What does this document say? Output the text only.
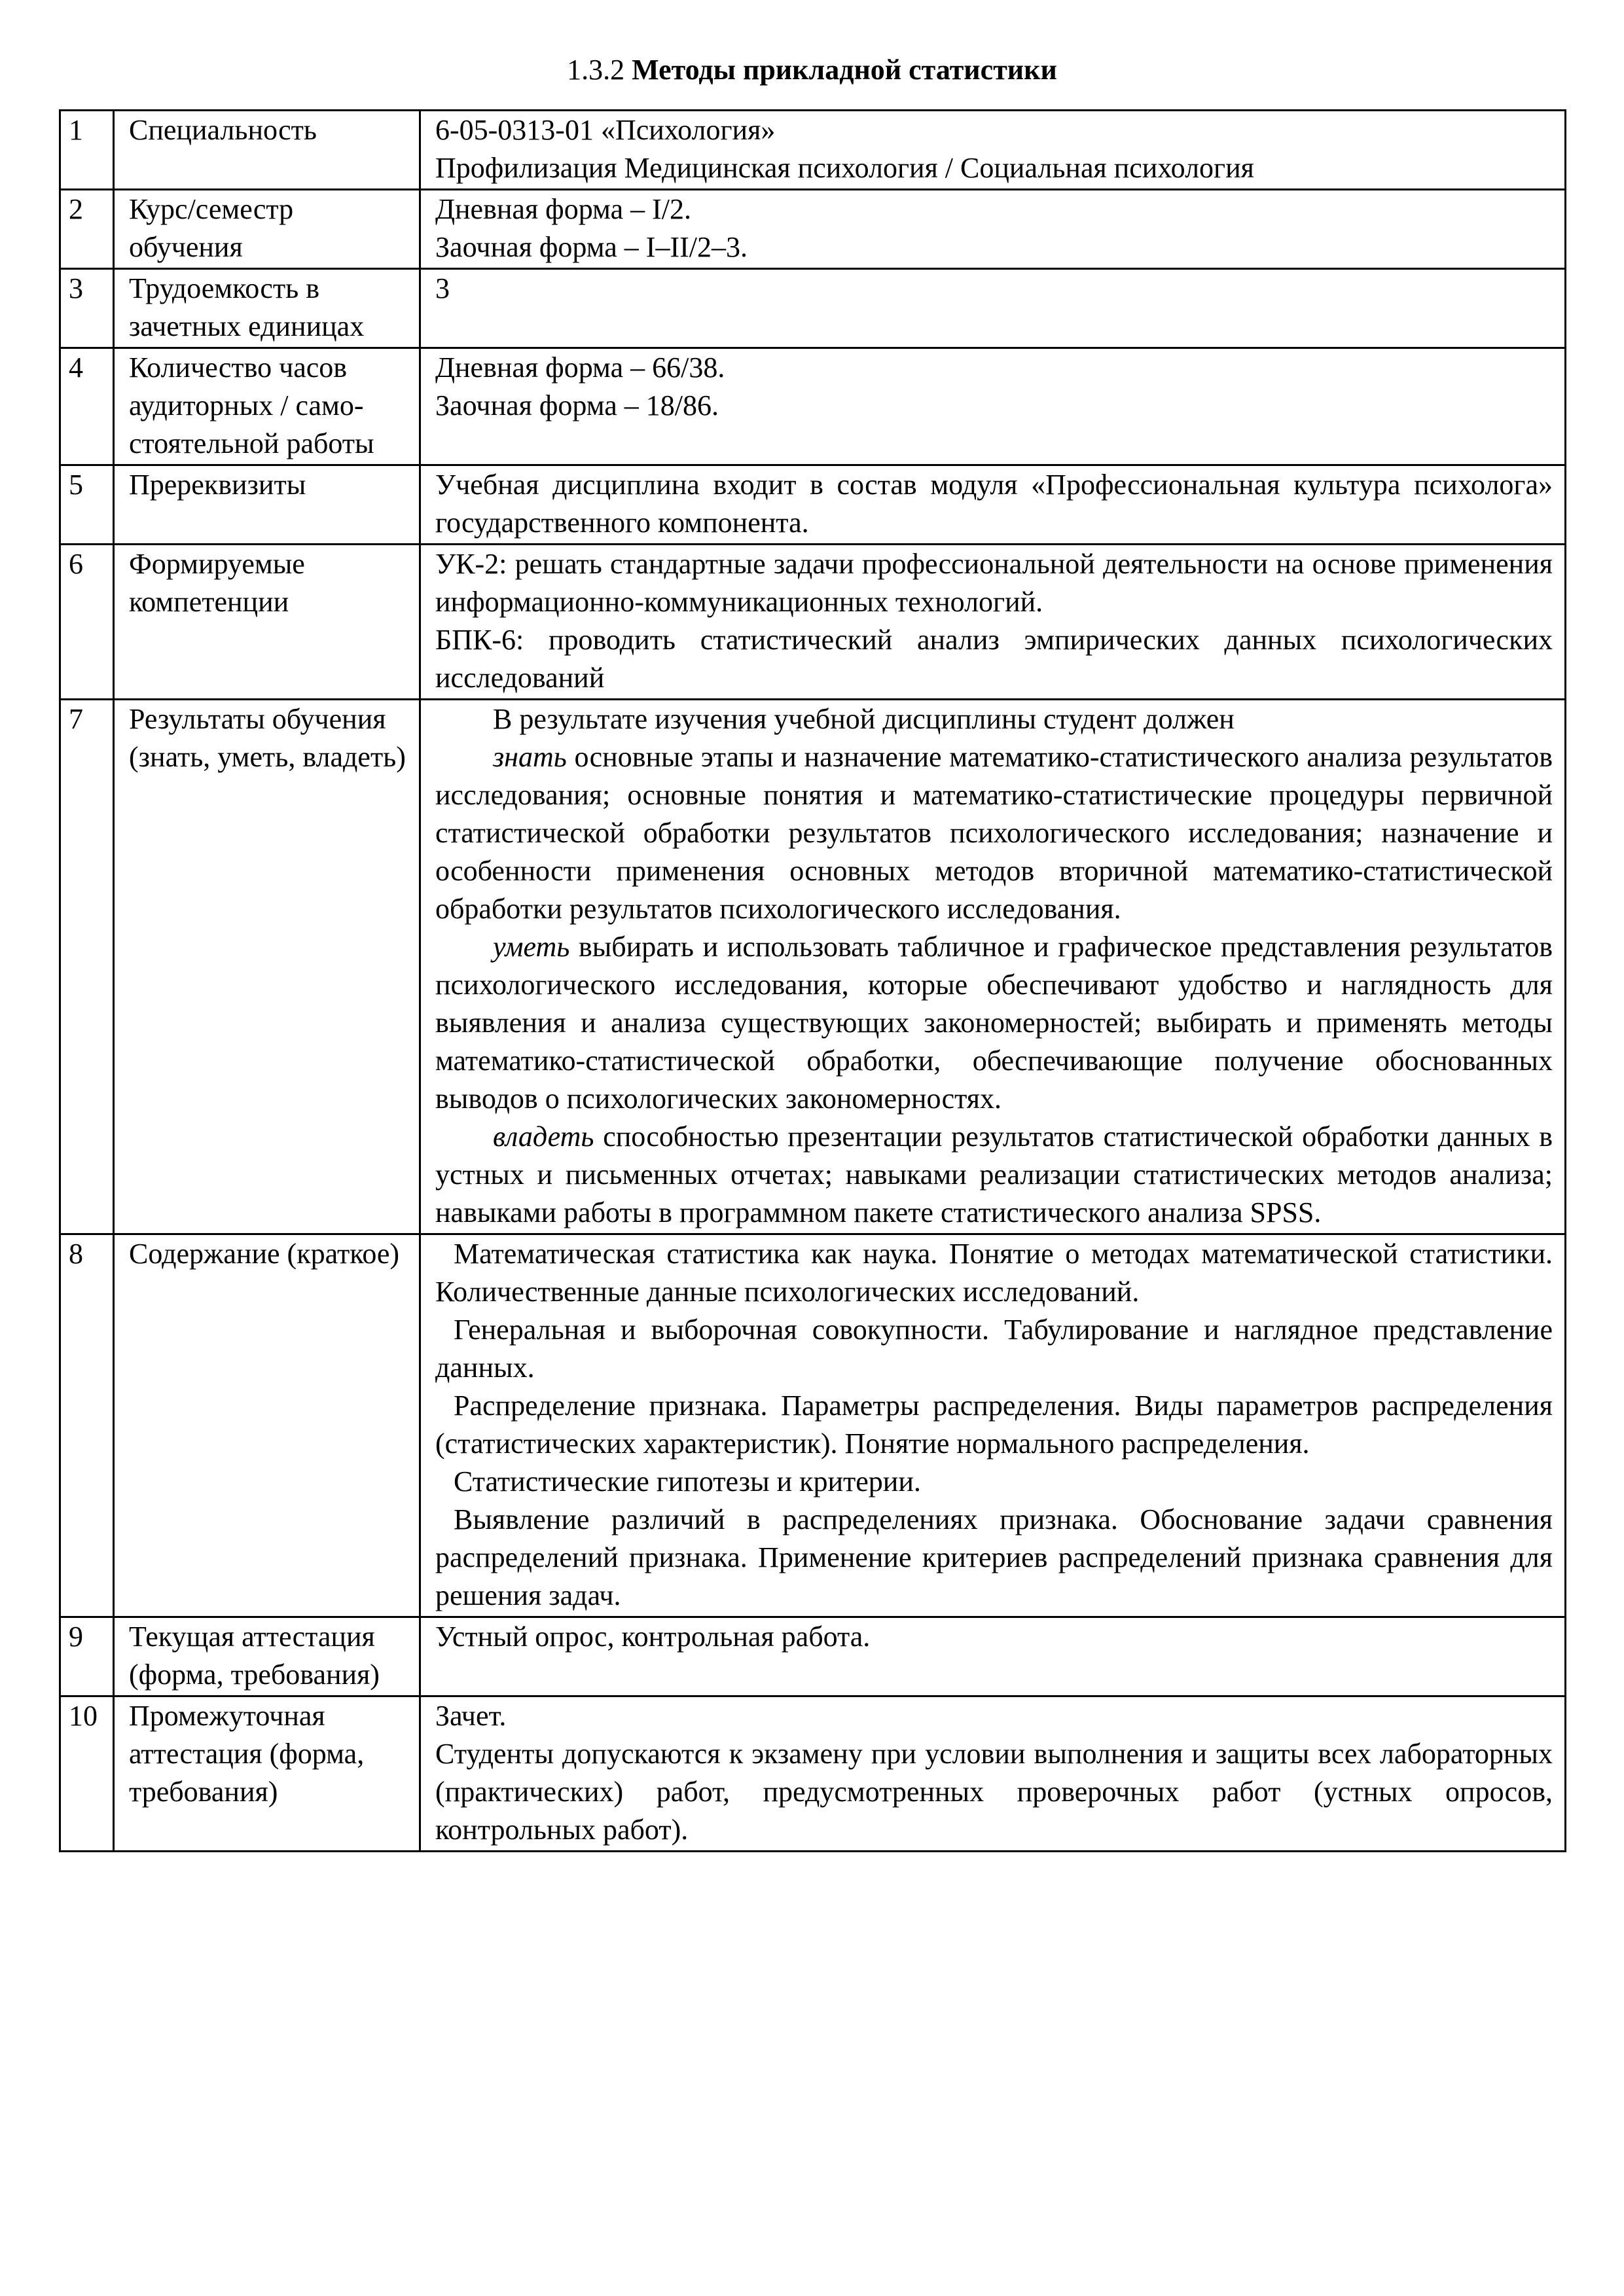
1.3.2 Методы прикладной статистики
1	Специальность	6-05-0313-01 «Психология»
Профилизация Медицинская психология / Социальная психология

2	Курс/семестр обучения	Дневная форма – I/2.
Заочная форма – I–II/2–3.

3	Трудоемкость в зачетных единицах	3

4	Количество часов аудиторных / само-стоятельной работы	Дневная форма – 66/38.
Заочная форма – 18/86.

5	Пререквизиты	Учебная дисциплина входит в состав модуля «Профессиональная культура психолога» государственного компонента.

6	Формируемые компетенции	УК-2: решать стандартные задачи профессиональной деятельности на основе применения информационно-коммуникационных технологий.
БПК-6: проводить статистический анализ эмпирических данных психологических исследований

7	Результаты обучения (знать, уметь, владеть)	В результате изучения учебной дисциплины студент должен
знать основные этапы и назначение математико-статистического анализа результатов исследования; основные понятия и математико-статистические процедуры первичной статистической обработки результатов психологического исследования; назначение и особенности применения основных методов вторичной математико-статистической обработки результатов психологического исследования.
уметь выбирать и использовать табличное и графическое представления результатов психологического исследования, которые обеспечивают удобство и наглядность для выявления и анализа существующих закономерностей; выбирать и применять методы математико-статистической обработки, обеспечивающие получение обоснованных выводов о психологических закономерностях.
владеть способностью презентации результатов статистической обработки данных в устных и письменных отчетах; навыками реализации статистических методов анализа; навыками работы в программном пакете статистического анализа SPSS.

8	Содержание (краткое)	Математическая статистика как наука. Понятие о методах математической статистики. Количественные данные психологических исследований.
Генеральная и выборочная совокупности. Табулирование и наглядное представление данных.
Распределение признака. Параметры распределения. Виды параметров распределения (статистических характеристик). Понятие нормального распределения.
Статистические гипотезы и критерии.
Выявление различий в распределениях признака. Обоснование задачи сравнения распределений признака. Применение критериев распределений признака сравнения для решения задач.

9	Текущая аттестация (форма, требования)	Устный опрос, контрольная работа.

10	Промежуточная аттестация (форма, требования)	Зачет.
Студенты допускаются к экзамену при условии выполнения и защиты всех лабораторных (практических) работ, предусмотренных проверочных работ (устных опросов, контрольных работ).
